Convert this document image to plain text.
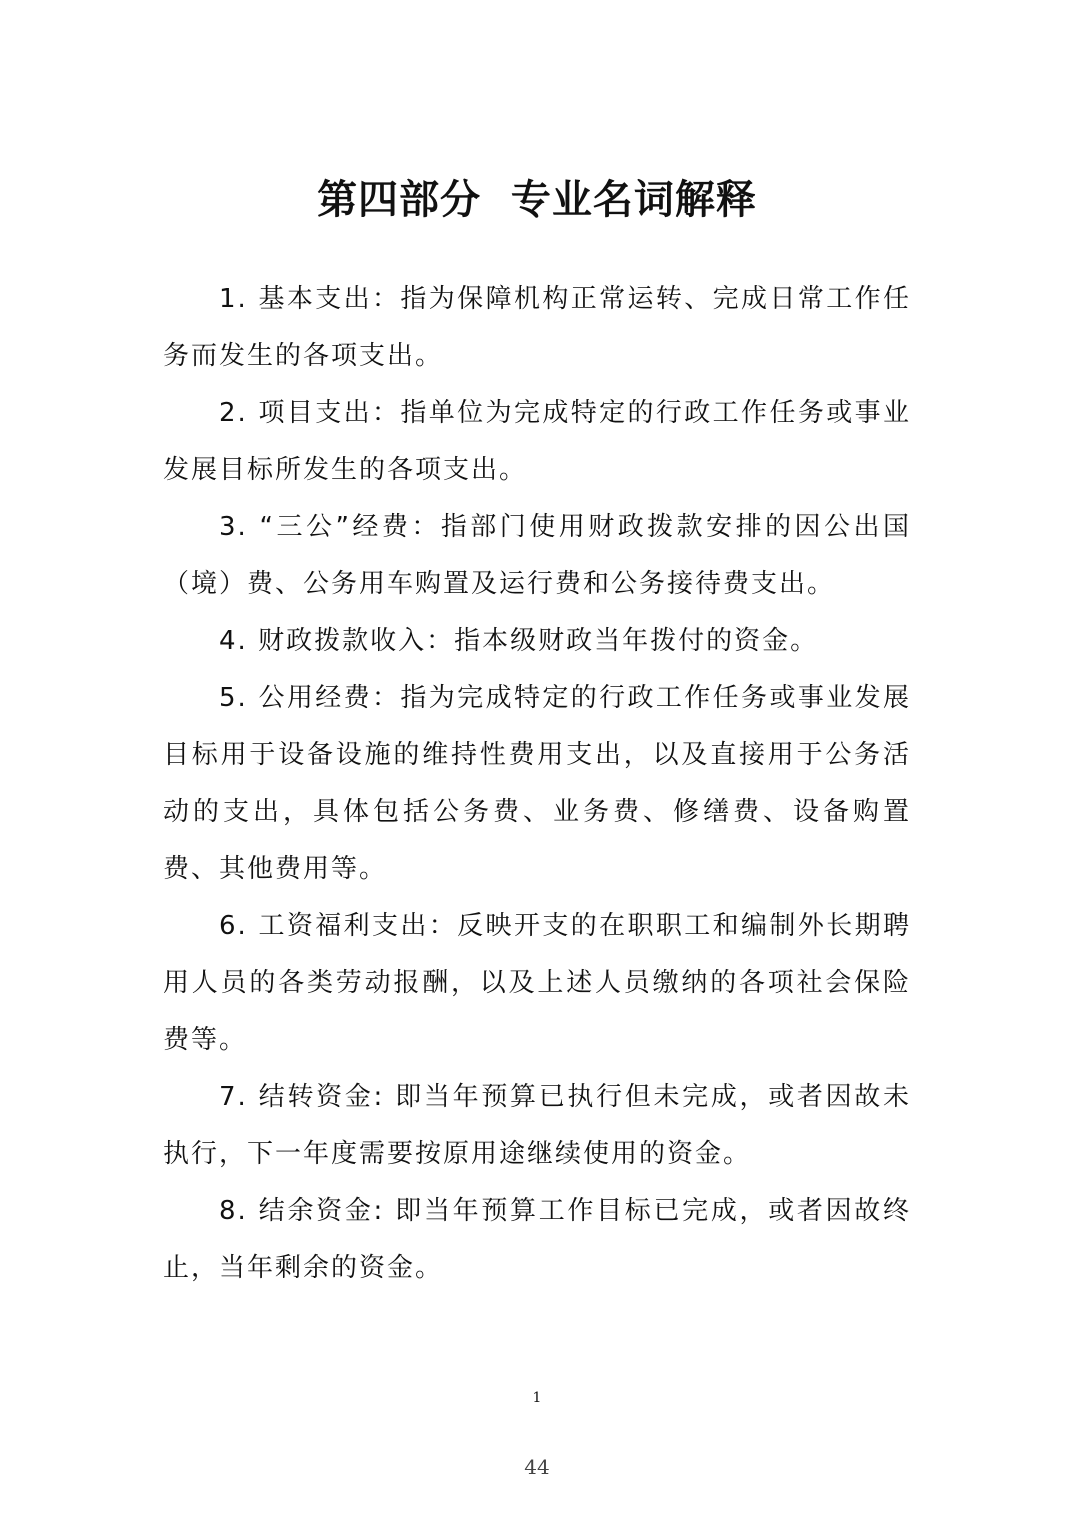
第四部分  专业名词解释

1. 基本支出：指为保障机构正常运转、完成日常工作任务而发生的各项支出。

2. 项目支出：指单位为完成特定的行政工作任务或事业发展目标所发生的各项支出。

3. “三公”经费：指部门使用财政拨款安排的因公出国（境）费、公务用车购置及运行费和公务接待费支出。

4. 财政拨款收入：指本级财政当年拨付的资金。

5. 公用经费：指为完成特定的行政工作任务或事业发展目标用于设备设施的维持性费用支出，以及直接用于公务活动的支出，具体包括公务费、业务费、修缮费、设备购置费、其他费用等。

6. 工资福利支出：反映开支的在职职工和编制外长期聘用人员的各类劳动报酬，以及上述人员缴纳的各项社会保险费等。

7. 结转资金: 即当年预算已执行但未完成，或者因故未执行，下一年度需要按原用途继续使用的资金。

8. 结余资金: 即当年预算工作目标已完成，或者因故终止，当年剩余的资金。

1
44
